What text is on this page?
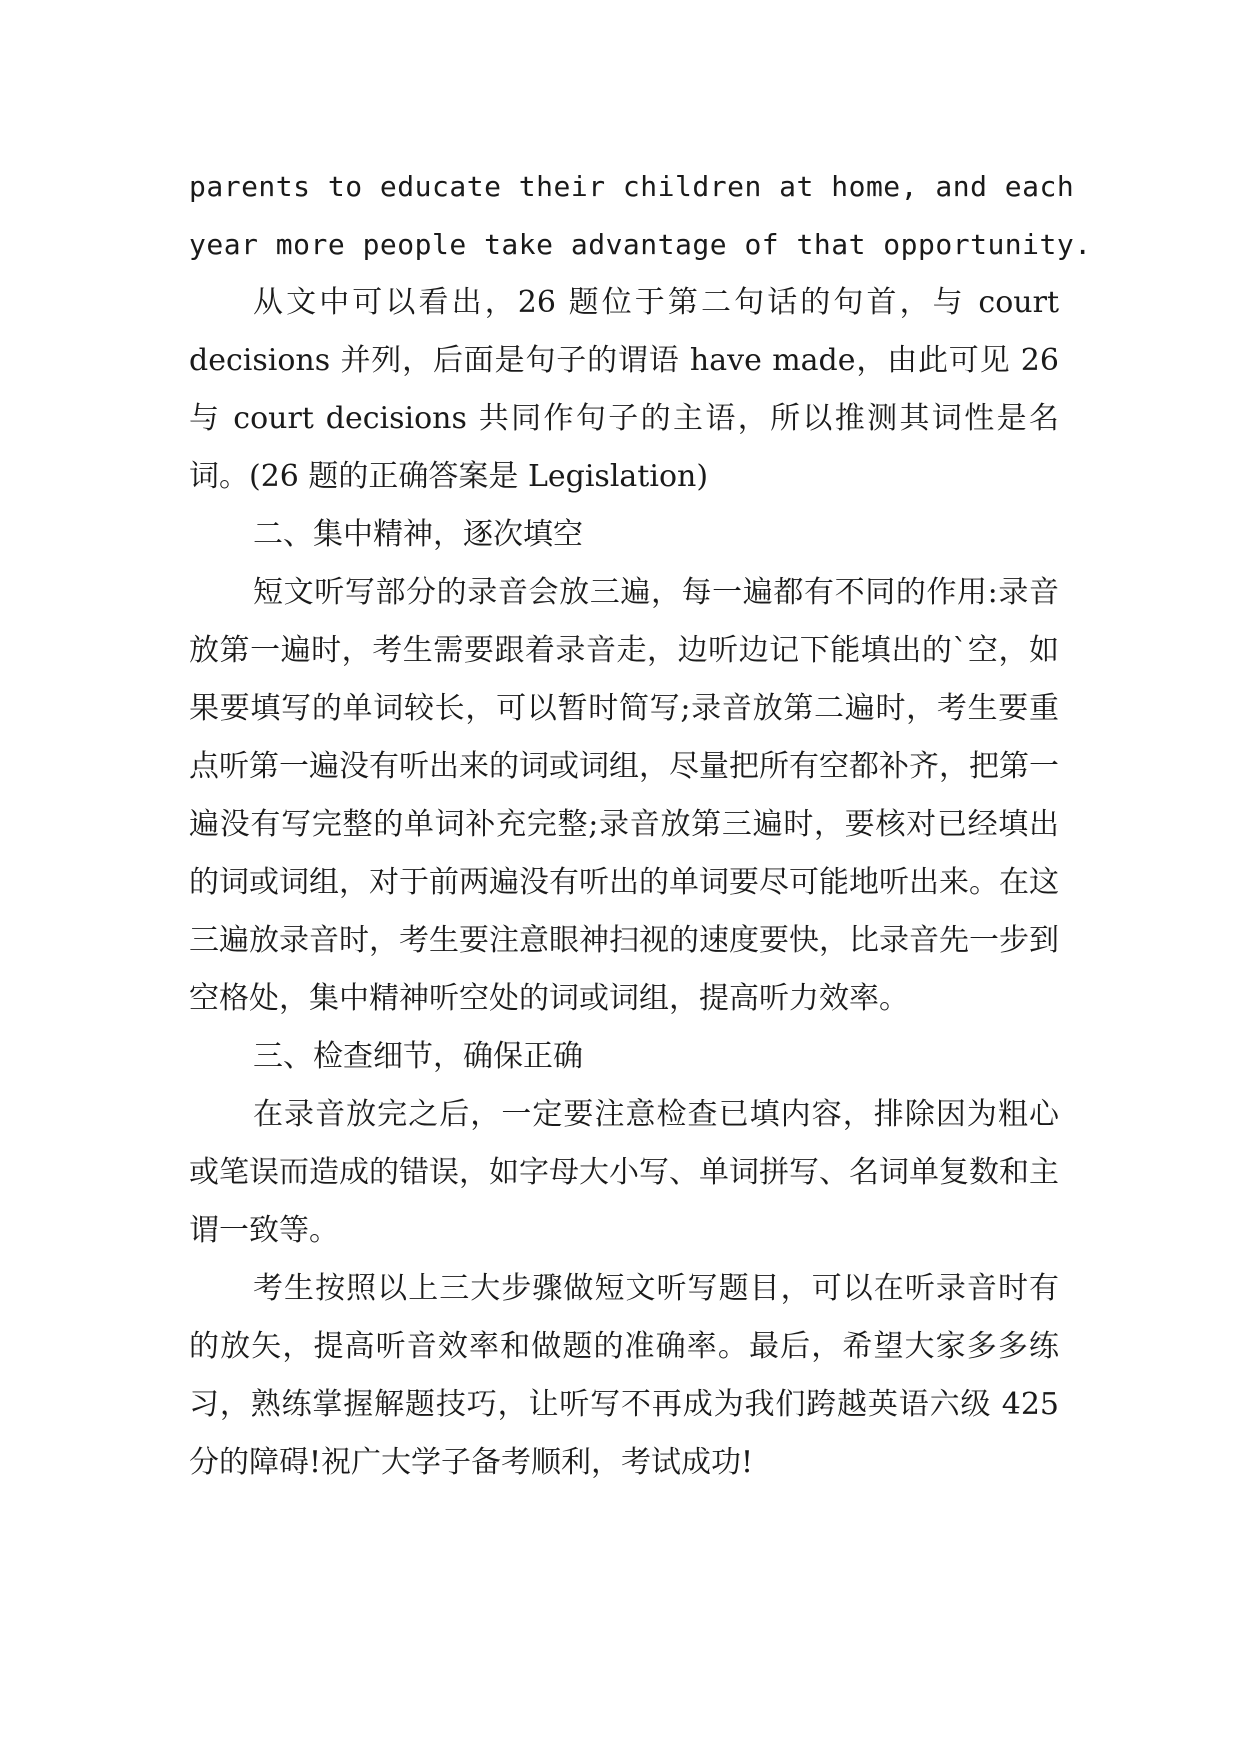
parents to educate their children at home, and each
year more people take advantage of that opportunity.

从文中可以看出，26 题位于第二句话的句首，与 court decisions 并列，后面是句子的谓语 have made，由此可见 26 与 court decisions 共同作句子的主语，所以推测其词性是名词。(26 题的正确答案是 Legislation)

二、集中精神，逐次填空

短文听写部分的录音会放三遍，每一遍都有不同的作用:录音放第一遍时，考生需要跟着录音走，边听边记下能填出的`空，如果要填写的单词较长，可以暂时简写;录音放第二遍时，考生要重点听第一遍没有听出来的词或词组，尽量把所有空都补齐，把第一遍没有写完整的单词补充完整;录音放第三遍时，要核对已经填出的词或词组，对于前两遍没有听出的单词要尽可能地听出来。在这三遍放录音时，考生要注意眼神扫视的速度要快，比录音先一步到空格处，集中精神听空处的词或词组，提高听力效率。

三、检查细节，确保正确

在录音放完之后，一定要注意检查已填内容，排除因为粗心或笔误而造成的错误，如字母大小写、单词拼写、名词单复数和主谓一致等。

考生按照以上三大步骤做短文听写题目，可以在听录音时有的放矢，提高听音效率和做题的准确率。最后，希望大家多多练习，熟练掌握解题技巧，让听写不再成为我们跨越英语六级 425 分的障碍!祝广大学子备考顺利，考试成功!
